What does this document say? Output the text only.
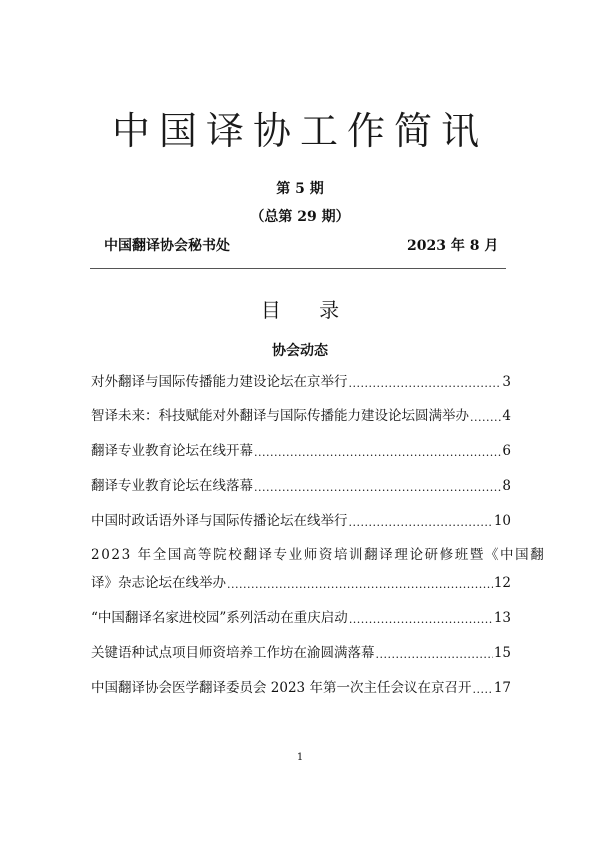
中国译协工作简讯
第 5 期
（总第 29 期）
中国翻译协会秘书处	2023 年 8 月
目 录
协会动态
对外翻译与国际传播能力建设论坛在京举行 .....	3
智译未来：科技赋能对外翻译与国际传播能力建设论坛圆满举办 ..... 4
翻译专业教育论坛在线开幕 .....	6
翻译专业教育论坛在线落幕 .....	8
中国时政话语外译与国际传播论坛在线举行 .....	10
2023 年全国高等院校翻译专业师资培训翻译理论研修班暨《中国翻
译》杂志论坛在线举办 .....	12
“中国翻译名家进校园”系列活动在重庆启动 .....	13
关键语种试点项目师资培养工作坊在渝圆满落幕 .....	15
中国翻译协会医学翻译委员会 2023 年第一次主任会议在京召开 ..... 17
1
